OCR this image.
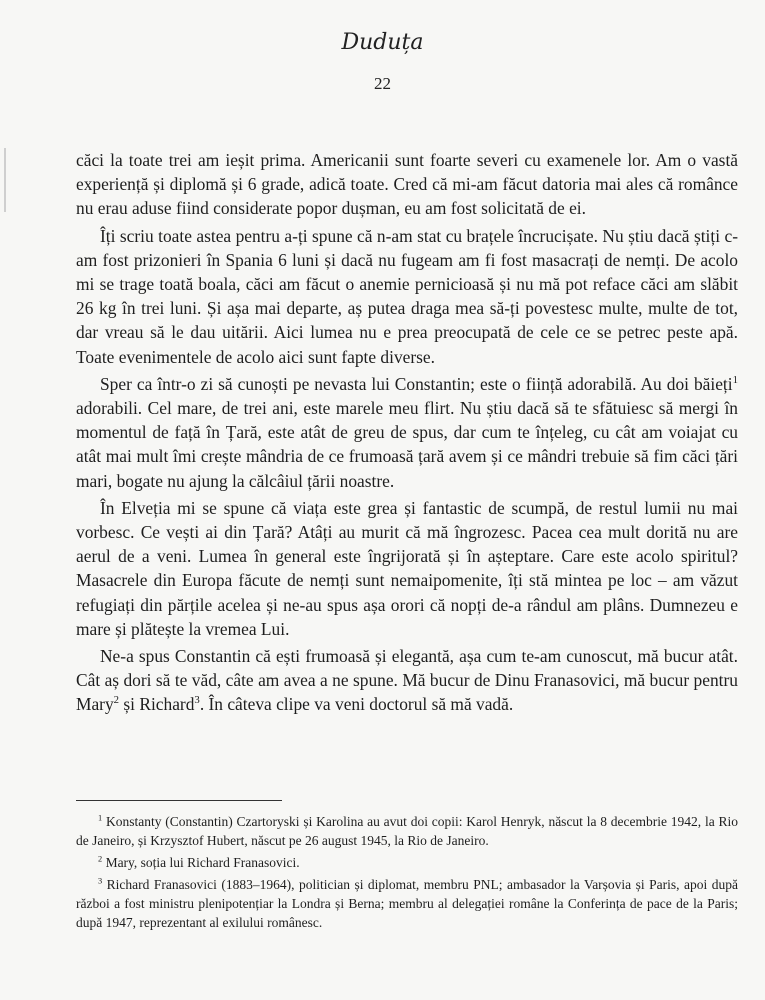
Duduța
22

căci la toate trei am ieșit prima. Americanii sunt foarte severi cu examenele lor. Am o vastă experiență și diplomă și 6 grade, adică toate. Cred că mi-am făcut datoria mai ales că românce nu erau aduse fiind considerate popor dușman, eu am fost solicitată de ei.

Îți scriu toate astea pentru a-ți spune că n-am stat cu brațele încrucișate. Nu știu dacă știți c-am fost prizonieri în Spania 6 luni și dacă nu fugeam am fi fost masacrați de nemți. De acolo mi se trage toată boala, căci am făcut o anemie pernicioasă și nu mă pot reface căci am slăbit 26 kg în trei luni. Și așa mai departe, aș putea draga mea să-ți povestesc multe, multe de tot, dar vreau să le dau uitării. Aici lumea nu e prea preocupată de cele ce se petrec peste apă. Toate evenimentele de acolo aici sunt fapte diverse.

Sper ca într-o zi să cunoști pe nevasta lui Constantin; este o ființă adorabilă. Au doi băieți$^1$ adorabili. Cel mare, de trei ani, este marele meu flirt. Nu știu dacă să te sfătuiesc să mergi în momentul de față în Țară, este atât de greu de spus, dar cum te înțeleg, cu cât am voiajat cu atât mai mult îmi crește mândria de ce frumoasă țară avem și ce mândri trebuie să fim căci țări mari, bogate nu ajung la călcâiul țării noastre.

În Elveția mi se spune că viața este grea și fantastic de scumpă, de restul lumii nu mai vorbesc. Ce vești ai din Țară? Atâți au murit că mă îngrozesc. Pacea cea mult dorită nu are aerul de a veni. Lumea în general este îngrijorată și în așteptare. Care este acolo spiritul? Masacrele din Europa făcute de nemți sunt nemaipomenite, îți stă mintea pe loc – am văzut refugiați din părțile acelea și ne-au spus așa orori că nopți de-a rândul am plâns. Dumnezeu e mare și plătește la vremea Lui.

Ne-a spus Constantin că ești frumoasă și elegantă, așa cum te-am cunoscut, mă bucur atât. Cât aș dori să te văd, câte am avea a ne spune. Mă bucur de Dinu Franasovici, mă bucur pentru Mary$^2$ și Richard$^3$. În câteva clipe va veni doctorul să mă vadă.

$^1$ Konstanty (Constantin) Czartoryski și Karolina au avut doi copii: Karol Henryk, născut la 8 decembrie 1942, la Rio de Janeiro, și Krzysztof Hubert, născut pe 26 august 1945, la Rio de Janeiro.

$^2$ Mary, soția lui Richard Franasovici.

$^3$ Richard Franasovici (1883–1964), politician și diplomat, membru PNL; ambasador la Varșovia și Paris, apoi după război a fost ministru plenipotențiar la Londra și Berna; membru al delegației române la Conferința de pace de la Paris; după 1947, reprezentant al exilului românesc.
